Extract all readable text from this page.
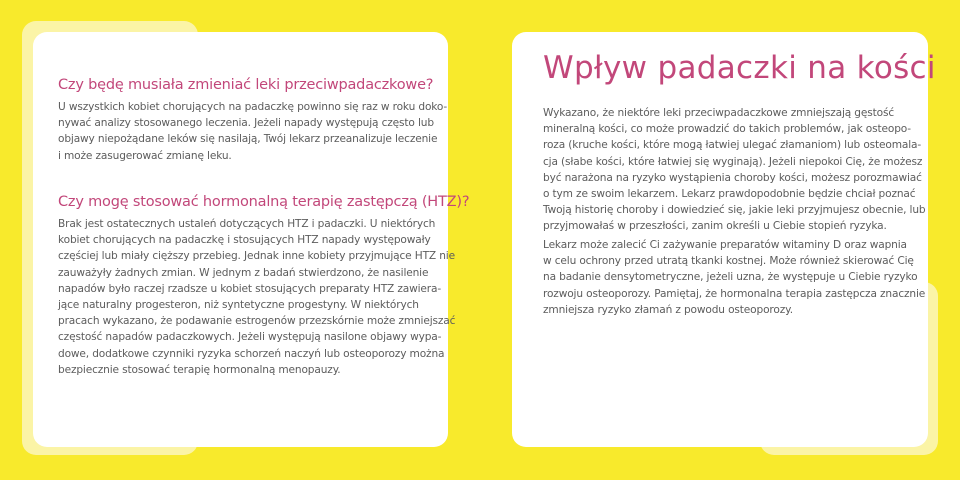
Czy będę musiała zmieniać leki przeciwpadaczkowe?
U wszystkich kobiet chorujących na padaczkę powinno się raz w roku doko-
nywać analizy stosowanego leczenia. Jeżeli napady występują często lub
objawy niepożądane leków się nasilają, Twój lekarz przeanalizuje leczenie
i może zasugerować zmianę leku.
Czy mogę stosować hormonalną terapię zastępczą (HTZ)?
Brak jest ostatecznych ustaleń dotyczących HTZ i padaczki. U niektórych
kobiet chorujących na padaczkę i stosujących HTZ napady występowały
częściej lub miały cięższy przebieg. Jednak inne kobiety przyjmujące HTZ nie
zauważyły żadnych zmian. W jednym z badań stwierdzono, że nasilenie
napadów było raczej rzadsze u kobiet stosujących preparaty HTZ zawiera-
jące naturalny progesteron, niż syntetyczne progestyny. W niektórych
pracach wykazano, że podawanie estrogenów przezskórnie może zmniejszać
częstość napadów padaczkowych. Jeżeli występują nasilone objawy wypa-
dowe, dodatkowe czynniki ryzyka schorzeń naczyń lub osteoporozy można
bezpiecznie stosować terapię hormonalną menopauzy.
Wpływ padaczki na kości
Wykazano, że niektóre leki przeciwpadaczkowe zmniejszają gęstość
mineralną kości, co może prowadzić do takich problemów, jak osteopo-
roza (kruche kości, które mogą łatwiej ulegać złamaniom) lub osteomala-
cja (słabe kości, które łatwiej się wyginają). Jeżeli niepokoi Cię, że możesz
być narażona na ryzyko wystąpienia choroby kości, możesz porozmawiać
o tym ze swoim lekarzem. Lekarz prawdopodobnie będzie chciał poznać
Twoją historię choroby i dowiedzieć się, jakie leki przyjmujesz obecnie, lub
przyjmowałaś w przeszłości, zanim określi u Ciebie stopień ryzyka.
Lekarz może zalecić Ci zażywanie preparatów witaminy D oraz wapnia
w celu ochrony przed utratą tkanki kostnej. Może również skierować Cię
na badanie densytometryczne, jeżeli uzna, że występuje u Ciebie ryzyko
rozwoju osteoporozy. Pamiętaj, że hormonalna terapia zastępcza znacznie
zmniejsza ryzyko złamań z powodu osteoporozy.
